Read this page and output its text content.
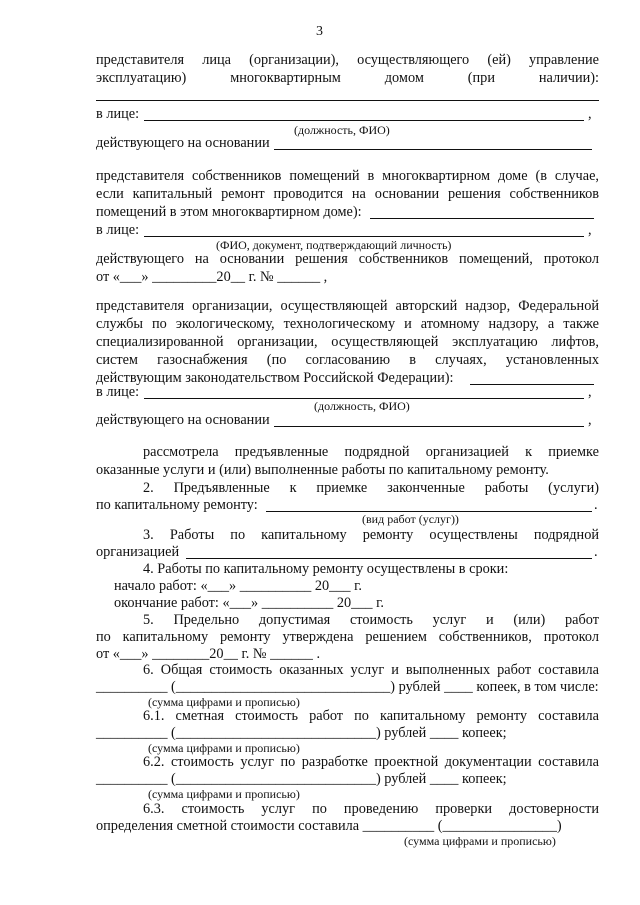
3
представителя лица (организации), осуществляющего (ей) управление
эксплуатацию) многоквартирным домом (при наличии):
в лице:	,
(должность, ФИО)
действующего на основании
представителя собственников помещений в многоквартирном доме (в случае,
если капитальный ремонт проводится на основании решения собственников
помещений в этом многоквартирном доме):
в лице:	,
(ФИО, документ, подтверждающий личность)
действующего на основании решения собственников помещений, протокол
от «___» _________20__ г. № ______ ,
представителя организации, осуществляющей авторский надзор, Федеральной
службы по экологическому, технологическому и атомному надзору, а также
специализированной организации, осуществляющей эксплуатацию лифтов,
систем газоснабжения (по согласованию в случаях, установленных
действующим законодательством Российской Федерации):
в лице:	,
(должность, ФИО)
действующего на основании	,
рассмотрела предъявленные подрядной организацией к приемке
оказанные услуги и (или) выполненные работы по капитальному ремонту.
2. Предъявленные к приемке законченные работы (услуги)
по капитальному ремонту:	.
(вид работ (услуг))
3. Работы по капитальному ремонту осуществлены подрядной
организацией	.
4. Работы по капитальному ремонту осуществлены в сроки:
начало работ: «___» __________ 20___ г.
окончание работ: «___» __________ 20___ г.
5. Предельно допустимая стоимость услуг и (или) работ
по капитальному ремонту утверждена решением собственников, протокол
от «___» ________20__ г. № ______ .
6. Общая стоимость оказанных услуг и выполненных работ составила
__________ (______________________________) рублей ____ копеек, в том числе:
(сумма цифрами и прописью)
6.1. сметная стоимость работ по капитальному ремонту составила
__________ (____________________________) рублей ____ копеек;
(сумма цифрами и прописью)
6.2. стоимость услуг по разработке проектной документации составила
__________ (____________________________) рублей ____ копеек;
(сумма цифрами и прописью)
6.3. стоимость услуг по проведению проверки достоверности
определения сметной стоимости составила __________ (________________)
(сумма цифрами и прописью)
